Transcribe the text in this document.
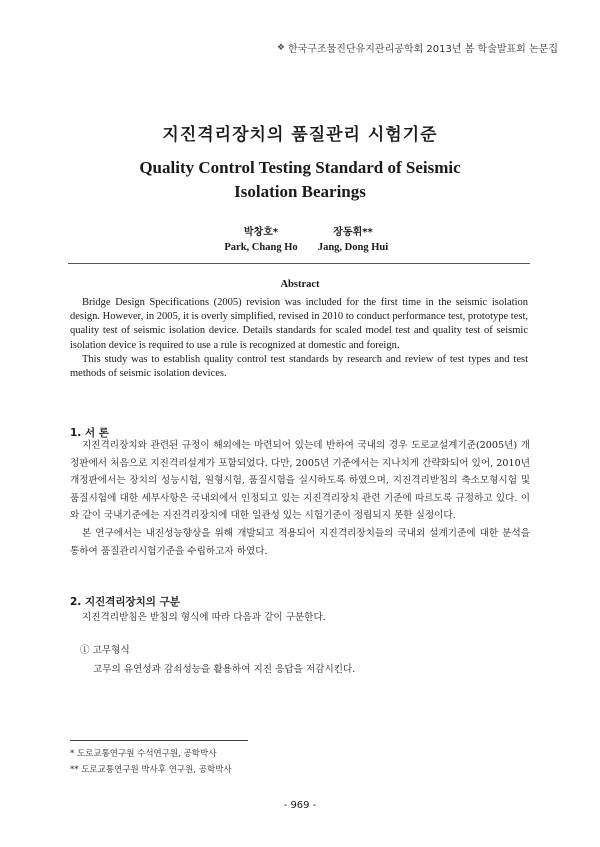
❖ 한국구조물진단유지관리공학회 2013년 봄 학술발표회 논문집
지진격리장치의 품질관리 시험기준
Quality Control Testing Standard of Seismic
Isolation Bearings
박창호*
Park, Chang Ho
장동휘**
Jang, Dong Hui
Abstract

Bridge Design Specifications (2005) revision was included for the first time in the seismic isolation design. However, in 2005, it is overly simplified, revised in 2010 to conduct performance test, prototype test, quality test of seismic isolation device. Details standards for scaled model test and quality test of seismic isolation device is required to use a rule is recognized at domestic and foreign.

This study was to establish quality control test standards by research and review of test types and test methods of seismic isolation devices.

1. 서 론

지진격리장치와 관련된 규정이 해외에는 마련되어 있는데 반하여 국내의 경우 도로교설계기준(2005년) 개정판에서 처음으로 지진격리설계가 포함되었다. 다만, 2005년 기준에서는 지나치게 간략화되어 있어, 2010년 개정판에서는 장치의 성능시험, 원형시험, 품질시험을 실시하도록 하였으며, 지진격리받침의 축소모형시험 및 품질시험에 대한 세부사항은 국내외에서 인정되고 있는 지진격리장치 관련 기준에 따르도록 규정하고 있다. 이와 같이 국내기준에는 지진격리장치에 대한 일관성 있는 시험기준이 정립되지 못한 실정이다.

본 연구에서는 내진성능향상을 위해 개발되고 적용되어 지진격리장치들의 국내외 설계기준에 대한 분석을 통하여 품질관리시험기준을 수립하고자 하였다.

2. 지진격리장치의 구분

지진격리받침은 받침의 형식에 따라 다음과 같이 구분한다.

① 고무형식
고무의 유연성과 감쇠성능을 활용하여 지진 응답을 저감시킨다.
* 도로교통연구원 수석연구원, 공학박사
** 도로교통연구원 박사후 연구원, 공학박사
- 969 -
